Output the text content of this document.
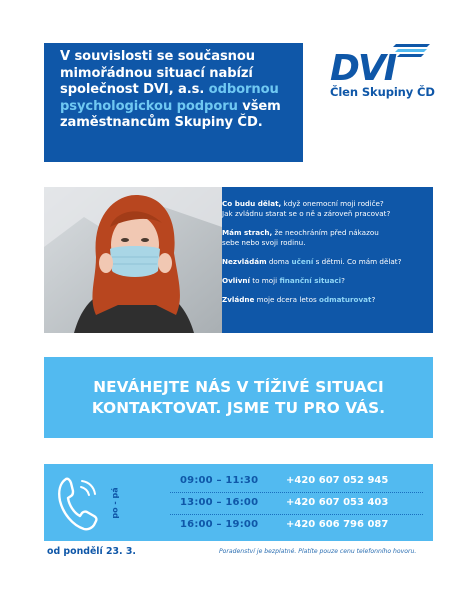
V souvislosti se současnou
mimořádnou situací nabízí
společnost DVI, a.s. odbornou
psychologickou podporu všem
zaměstnancům Skupiny ČD.
DVI
Člen Skupiny ČD
Co budu dělat, když onemocní moji rodiče?
Jak zvládnu starat se o ně a zároveň pracovat?
Mám strach, že neochráním před nákazou
sebe nebo svoji rodinu.
Nezvládám doma učení s dětmi. Co mám dělat?
Ovlivní to moji finanční situaci?
Zvládne moje dcera letos odmaturovat?
NEVÁHEJTE NÁS V TÍŽIVÉ SITUACI
KONTAKTOVAT. JSME TU PRO VÁS.
po - pá
09:00 – 11:30	+420 607 052 945
13:00 – 16:00	+420 607 053 403
16:00 – 19:00	+420 606 796 087
od pondělí 23. 3.	Poradenství je bezplatné. Platíte pouze cenu telefonního hovoru.
